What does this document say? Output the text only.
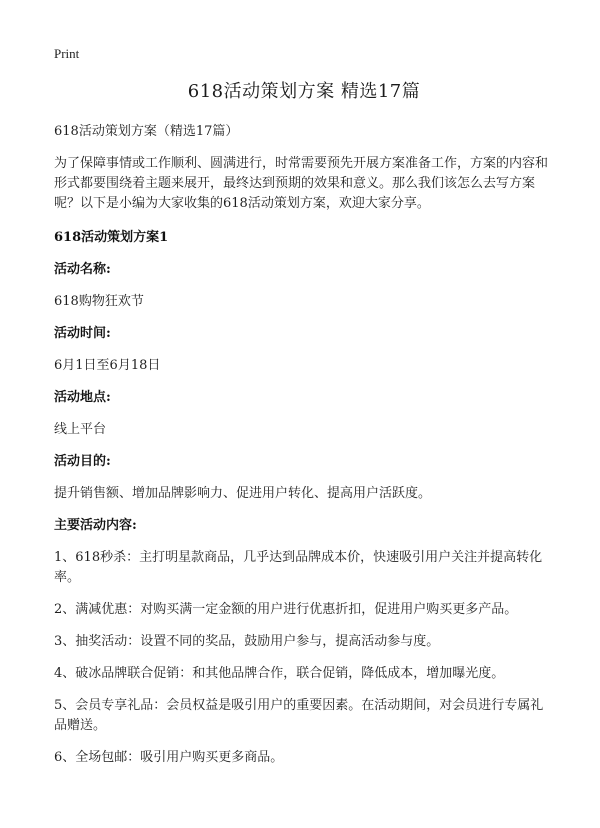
Print
618活动策划方案 精选17篇

618活动策划方案（精选17篇）

为了保障事情或工作顺利、圆满进行，时常需要预先开展方案准备工作，方案的内容和形式都要围绕着主题来展开，最终达到预期的效果和意义。那么我们该怎么去写方案呢？以下是小编为大家收集的618活动策划方案，欢迎大家分享。

618活动策划方案1

活动名称:

618购物狂欢节

活动时间:

6月1日至6月18日

活动地点:

线上平台

活动目的:

提升销售额、增加品牌影响力、促进用户转化、提高用户活跃度。

主要活动内容:

1、618秒杀：主打明星款商品，几乎达到品牌成本价，快速吸引用户关注并提高转化率。

2、满减优惠：对购买满一定金额的用户进行优惠折扣，促进用户购买更多产品。

3、抽奖活动：设置不同的奖品，鼓励用户参与，提高活动参与度。

4、破冰品牌联合促销：和其他品牌合作，联合促销，降低成本，增加曝光度。

5、会员专享礼品：会员权益是吸引用户的重要因素。在活动期间，对会员进行专属礼品赠送。

6、全场包邮：吸引用户购买更多商品。
